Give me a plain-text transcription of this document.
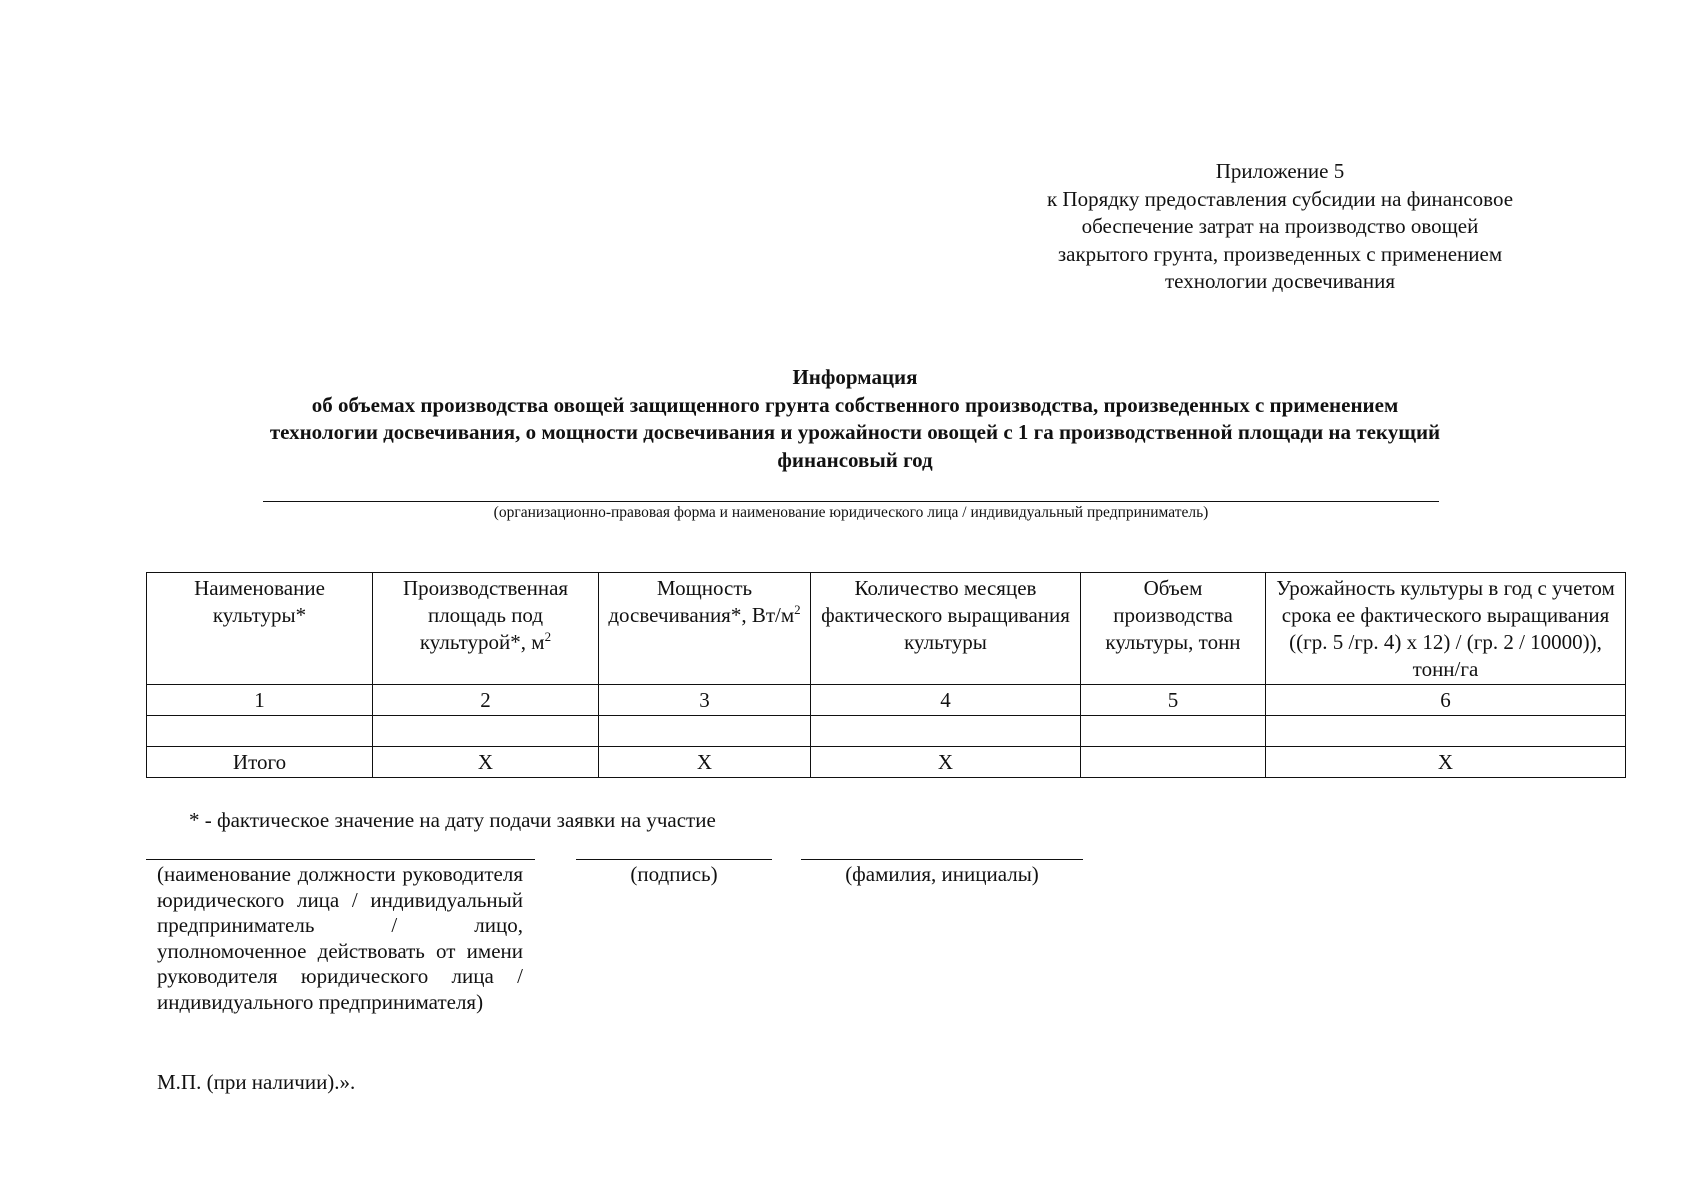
Приложение 5
к Порядку предоставления субсидии на финансовое
обеспечение затрат на производство овощей
закрытого грунта, произведенных с применением
технологии досвечивания
Информация
об объемах производства овощей защищенного грунта собственного производства, произведенных с применением
технологии досвечивания, о мощности досвечивания и урожайности овощей с 1 га производственной площади на текущий
финансовый год
(организационно-правовая форма и наименование юридического лица / индивидуальный предприниматель)
Наименование культуры*	Производственная площадь под культурой*, $м^2$	Мощность досвечивания*, $Вт/м^2$	Количество месяцев фактического выращивания культуры	Объем производства культуры, тонн	Урожайность культуры в год с учетом срока ее фактического выращивания ((гр. 5 /гр. 4) х 12) / (гр. 2 / 10000)), тонн/га
1	2	3	4	5	6

Итого	Х	Х	Х		Х
* - фактическое значение на дату подачи заявки на участие
(наименование должности руководителя юридического лица / индивидуальный предприниматель / лицо, уполномоченное действовать от имени руководителя юридического лица / индивидуального предпринимателя)
(подпись)	(фамилия, инициалы)
М.П. (при наличии).».
